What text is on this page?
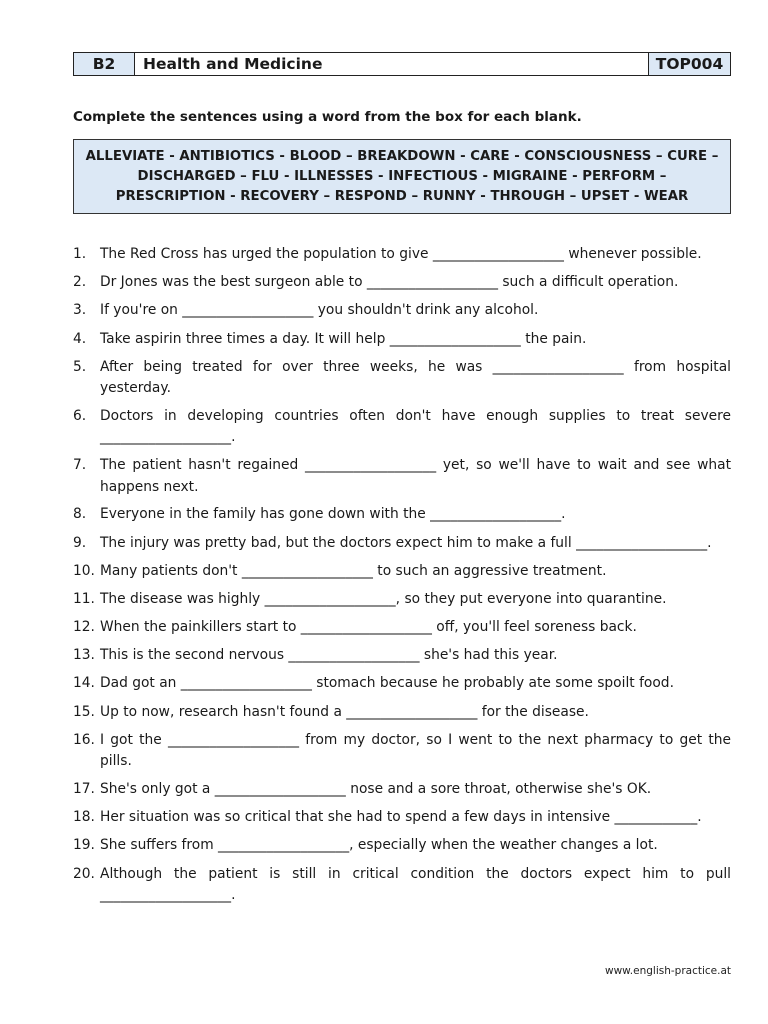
B2	Health and Medicine	TOP004
Complete the sentences using a word from the box for each blank.
ALLEVIATE - ANTIBIOTICS - BLOOD – BREAKDOWN - CARE - CONSCIOUSNESS – CURE –
DISCHARGED – FLU - ILLNESSES - INFECTIOUS - MIGRAINE - PERFORM –
PRESCRIPTION - RECOVERY – RESPOND – RUNNY - THROUGH – UPSET - WEAR
1.	The Red Cross has urged the population to give ___________________ whenever possible.
2.	Dr Jones was the best surgeon able to ___________________ such a difficult operation.
3.	If you're on ___________________ you shouldn't drink any alcohol.
4.	Take aspirin three times a day. It will help ___________________ the pain.
5.	After being treated for over three weeks, he was ___________________ from hospital yesterday.
6.	Doctors in developing countries often don't have enough supplies to treat severe ___________________.
7.	The patient hasn't regained ___________________ yet, so we'll have to wait and see what happens next.
8.	Everyone in the family has gone down with the ___________________.
9.	The injury was pretty bad, but the doctors expect him to make a full ___________________.
10. Many patients don't ___________________ to such an aggressive treatment.
11. The disease was highly ___________________, so they put everyone into quarantine.
12. When the painkillers start to ___________________ off, you'll feel soreness back.
13. This is the second nervous ___________________ she's had this year.
14. Dad got an ___________________ stomach because he probably ate some spoilt food.
15. Up to now, research hasn't found a ___________________ for the disease.
16. I got the ___________________ from my doctor, so I went to the next pharmacy to get the pills.
17. She's only got a ___________________ nose and a sore throat, otherwise she's OK.
18. Her situation was so critical that she had to spend a few days in intensive ____________.
19. She suffers from ___________________, especially when the weather changes a lot.
20. Although the patient is still in critical condition the doctors expect him to pull ___________________.
www.english-practice.at
